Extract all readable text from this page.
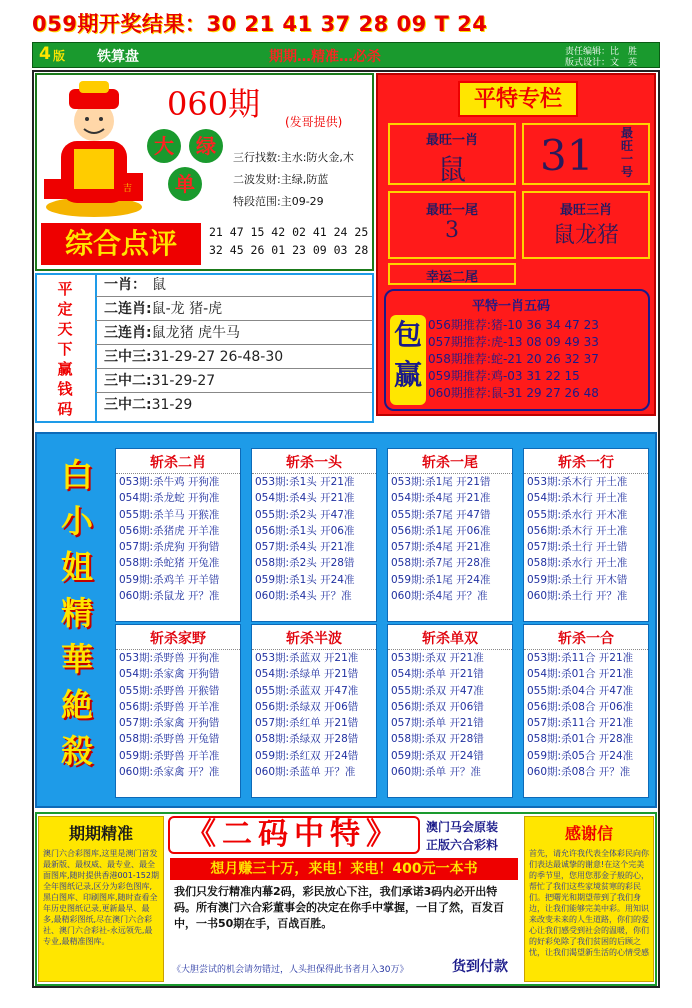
059期开奖结果：30 21 41 37 28 09 T 24
4 版 铁算盘	期期…精准…必杀	责任编辑：比　胜
版式设计：文　英
吉
060期 (发哥提供)
大	绿
单
三行找数:主水:防火金,木
二波发财:主绿,防蓝
特段范围:主09-29
综合点评	21 47 15 42 02 41 24 25
32 45 26 01 23 09 03 28
平特专栏
最旺一肖
鼠	31 最旺一号
最旺一尾
3
最旺三肖
鼠龙猪
幸运二尾
平特一肖五码
包
赢
056期推荐:猪-10 36 34 47 23
057期推荐:虎-13 08 09 49 33
058期推荐:蛇-21 20 26 32 37
059期推荐:鸡-03 31 22 15
060期推荐:鼠-31 29 27 26 48
平定天下赢钱码
一肖： 鼠
二连肖:鼠-龙 猪-虎
三连肖:鼠龙猪 虎牛马
三中三:31-29-27 26-48-30
三中二:31-29-27
三中二:31-29
白小姐精華絶殺
斩杀二肖
053期:杀牛鸡 开狗准
054期:杀龙蛇 开狗准
055期:杀羊马 开猴准
056期:杀猪虎 开羊准
057期:杀虎狗 开狗错
058期:杀蛇猪 开兔准
059期:杀鸡羊 开羊错
060期:杀鼠龙 开？准
斩杀一头
053期:杀1头 开21准
054期:杀4头 开21准
055期:杀2头 开47准
056期:杀1头 开06准
057期:杀4头 开21准
058期:杀2头 开28错
059期:杀1头 开24准
060期:杀4头 开？准
斩杀一尾
053期:杀1尾 开21错
054期:杀4尾 开21准
055期:杀7尾 开47错
056期:杀1尾 开06准
057期:杀4尾 开21准
058期:杀7尾 开28准
059期:杀1尾 开24准
060期:杀4尾 开？准
斩杀一行
053期:杀木行 开土准
054期:杀木行 开土准
055期:杀水行 开木准
056期:杀木行 开土准
057期:杀土行 开土错
058期:杀水行 开土准
059期:杀土行 开木错
060期:杀土行 开？准
斩杀家野
053期:杀野兽 开狗准
054期:杀家禽 开狗错
055期:杀野兽 开猴错
056期:杀野兽 开羊准
057期:杀家禽 开狗错
058期:杀野兽 开兔错
059期:杀野兽 开羊准
060期:杀家禽 开？准
斩杀半波
053期:杀蓝双 开21准
054期:杀绿单 开21错
055期:杀蓝双 开47准
056期:杀绿双 开06错
057期:杀红单 开21错
058期:杀绿双 开28错
059期:杀红双 开24错
060期:杀蓝单 开？准
斩杀单双
053期:杀双 开21准
054期:杀单 开21错
055期:杀双 开47准
056期:杀双 开06错
057期:杀单 开21错
058期:杀双 开28错
059期:杀双 开24错
060期:杀单 开？准
斩杀一合
053期:杀11合 开21准
054期:杀01合 开21准
055期:杀04合 开47准
056期:杀08合 开06准
057期:杀11合 开21准
058期:杀01合 开28准
059期:杀05合 开24准
060期:杀08合 开？准
期期精准
澳门六合彩图库,这里是澳门首发最新版、最权威、最专业、最全面图库,随时提供香港001-152期全年图纸记录,区分为彩色图库,黑白图库、印刷图库,随时查看全年历史图纸记录,更新最早、最多,最精彩图纸,尽在澳门六合彩社、澳门六合彩社-永远领先,最专业,最精准图库。
《二码中特》	澳门马会原装
正版六合彩料
想月赚三十万，来电！来电！400元一本书
我们只发行精准内幕2码，彩民放心下注，我们承诺3码内必开出特码。所有澳门六合彩董事会的决定在你手中掌握，一目了然，百发百中，一书50期在手，百战百胜。
《大胆尝试的机会请勿错过，人头担保得此书者月入30万》	货到付款
感谢信
首先，请允许我代表全体彩民向你们表达最诚挚的谢意!在这个完美的季节里，您用您那金子般的心，帮忙了我们这些家境贫寒的彩民们。把曙光和期望带到了我们身边，让我们能够完美中彩。用知识来改变未来的人生道路，你们的爱心让我们感受到社会的温暖，你们的好彩免除了我们贫困的后顾之忧，让我们渴望新生活的心情受感
